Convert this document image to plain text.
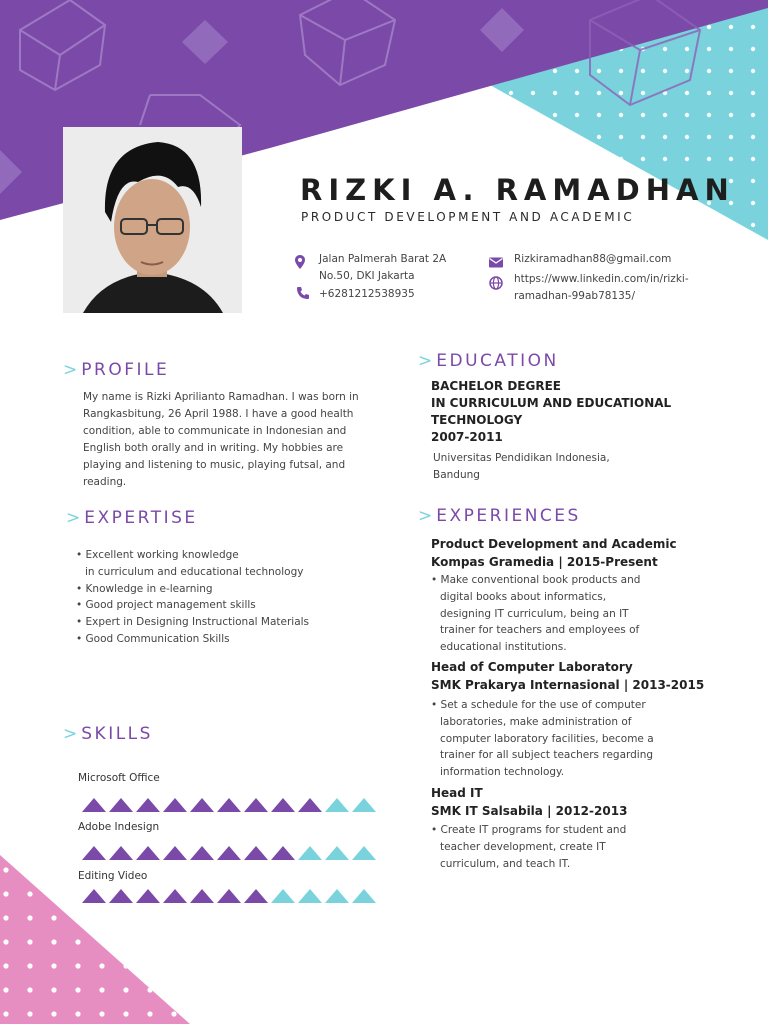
RIZKI A. RAMADHAN
PRODUCT DEVELOPMENT AND ACADEMIC
Jalan Palmerah Barat 2A
No.50, DKI Jakarta
+6281212538935
Rizkiramadhan88@gmail.com
https://www.linkedin.com/in/rizki-
ramadhan-99ab78135/
> PROFILE
My name is Rizki Aprilianto Ramadhan. I was born in
Rangkasbitung, 26 April 1988. I have a good health
condition, able to communicate in Indonesian and
English both orally and in writing. My hobbies are
playing and listening to music, playing futsal, and
reading.
> EXPERTISE
• Excellent working knowledge
in curriculum and educational technology
• Knowledge in e-learning
• Good project management skills
• Expert in Designing Instructional Materials
• Good Communication Skills
> SKILLS
Microsoft Office
Adobe Indesign
Editing Video
> EDUCATION
BACHELOR DEGREE
IN CURRICULUM AND EDUCATIONAL
TECHNOLOGY
2007-2011
Universitas Pendidikan Indonesia,
Bandung
> EXPERIENCES
Product Development and Academic
Kompas Gramedia | 2015-Present
• Make conventional book products and
digital books about informatics,
designing IT curriculum, being an IT
trainer for teachers and employees of
educational institutions.
Head of Computer Laboratory
SMK Prakarya Internasional | 2013-2015
• Set a schedule for the use of computer
laboratories, make administration of
computer laboratory facilities, become a
trainer for all subject teachers regarding
information technology.
Head IT
SMK IT Salsabila | 2012-2013
• Create IT programs for student and
teacher development, create IT
curriculum, and teach IT.
